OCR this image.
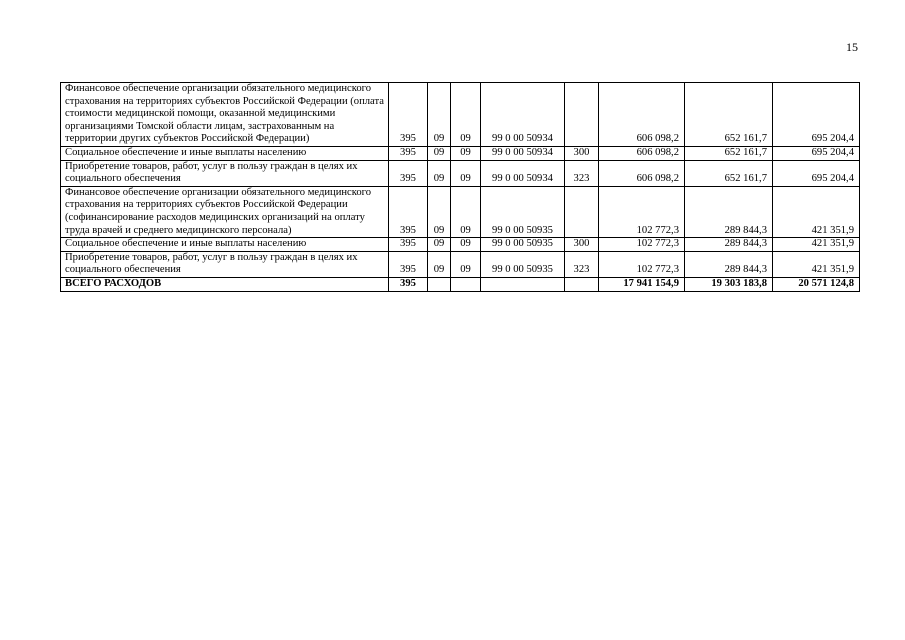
15
Финансовое обеспечение организации обязательного медицинского страхования на территориях субъектов Российской Федерации (оплата стоимости медицинской помощи, оказанной медицинскими организациями Томской области лицам, застрахованным на территории других субъектов Российской Федерации)	395	09	09	99 0 00 50934		606 098,2	652 161,7	695 204,4
Социальное обеспечение и иные выплаты населению	395	09	09	99 0 00 50934	300	606 098,2	652 161,7	695 204,4
Приобретение товаров, работ, услуг в пользу граждан в целях их социального обеспечения	395	09	09	99 0 00 50934	323	606 098,2	652 161,7	695 204,4
Финансовое обеспечение организации обязательного медицинского страхования на территориях субъектов Российской Федерации (софинансирование расходов медицинских организаций на оплату труда врачей и среднего медицинского персонала)	395	09	09	99 0 00 50935		102 772,3	289 844,3	421 351,9
Социальное обеспечение и иные выплаты населению	395	09	09	99 0 00 50935	300	102 772,3	289 844,3	421 351,9
Приобретение товаров, работ, услуг в пользу граждан в целях их социального обеспечения	395	09	09	99 0 00 50935	323	102 772,3	289 844,3	421 351,9
ВСЕГО РАСХОДОВ	395					17 941 154,9	19 303 183,8	20 571 124,8
